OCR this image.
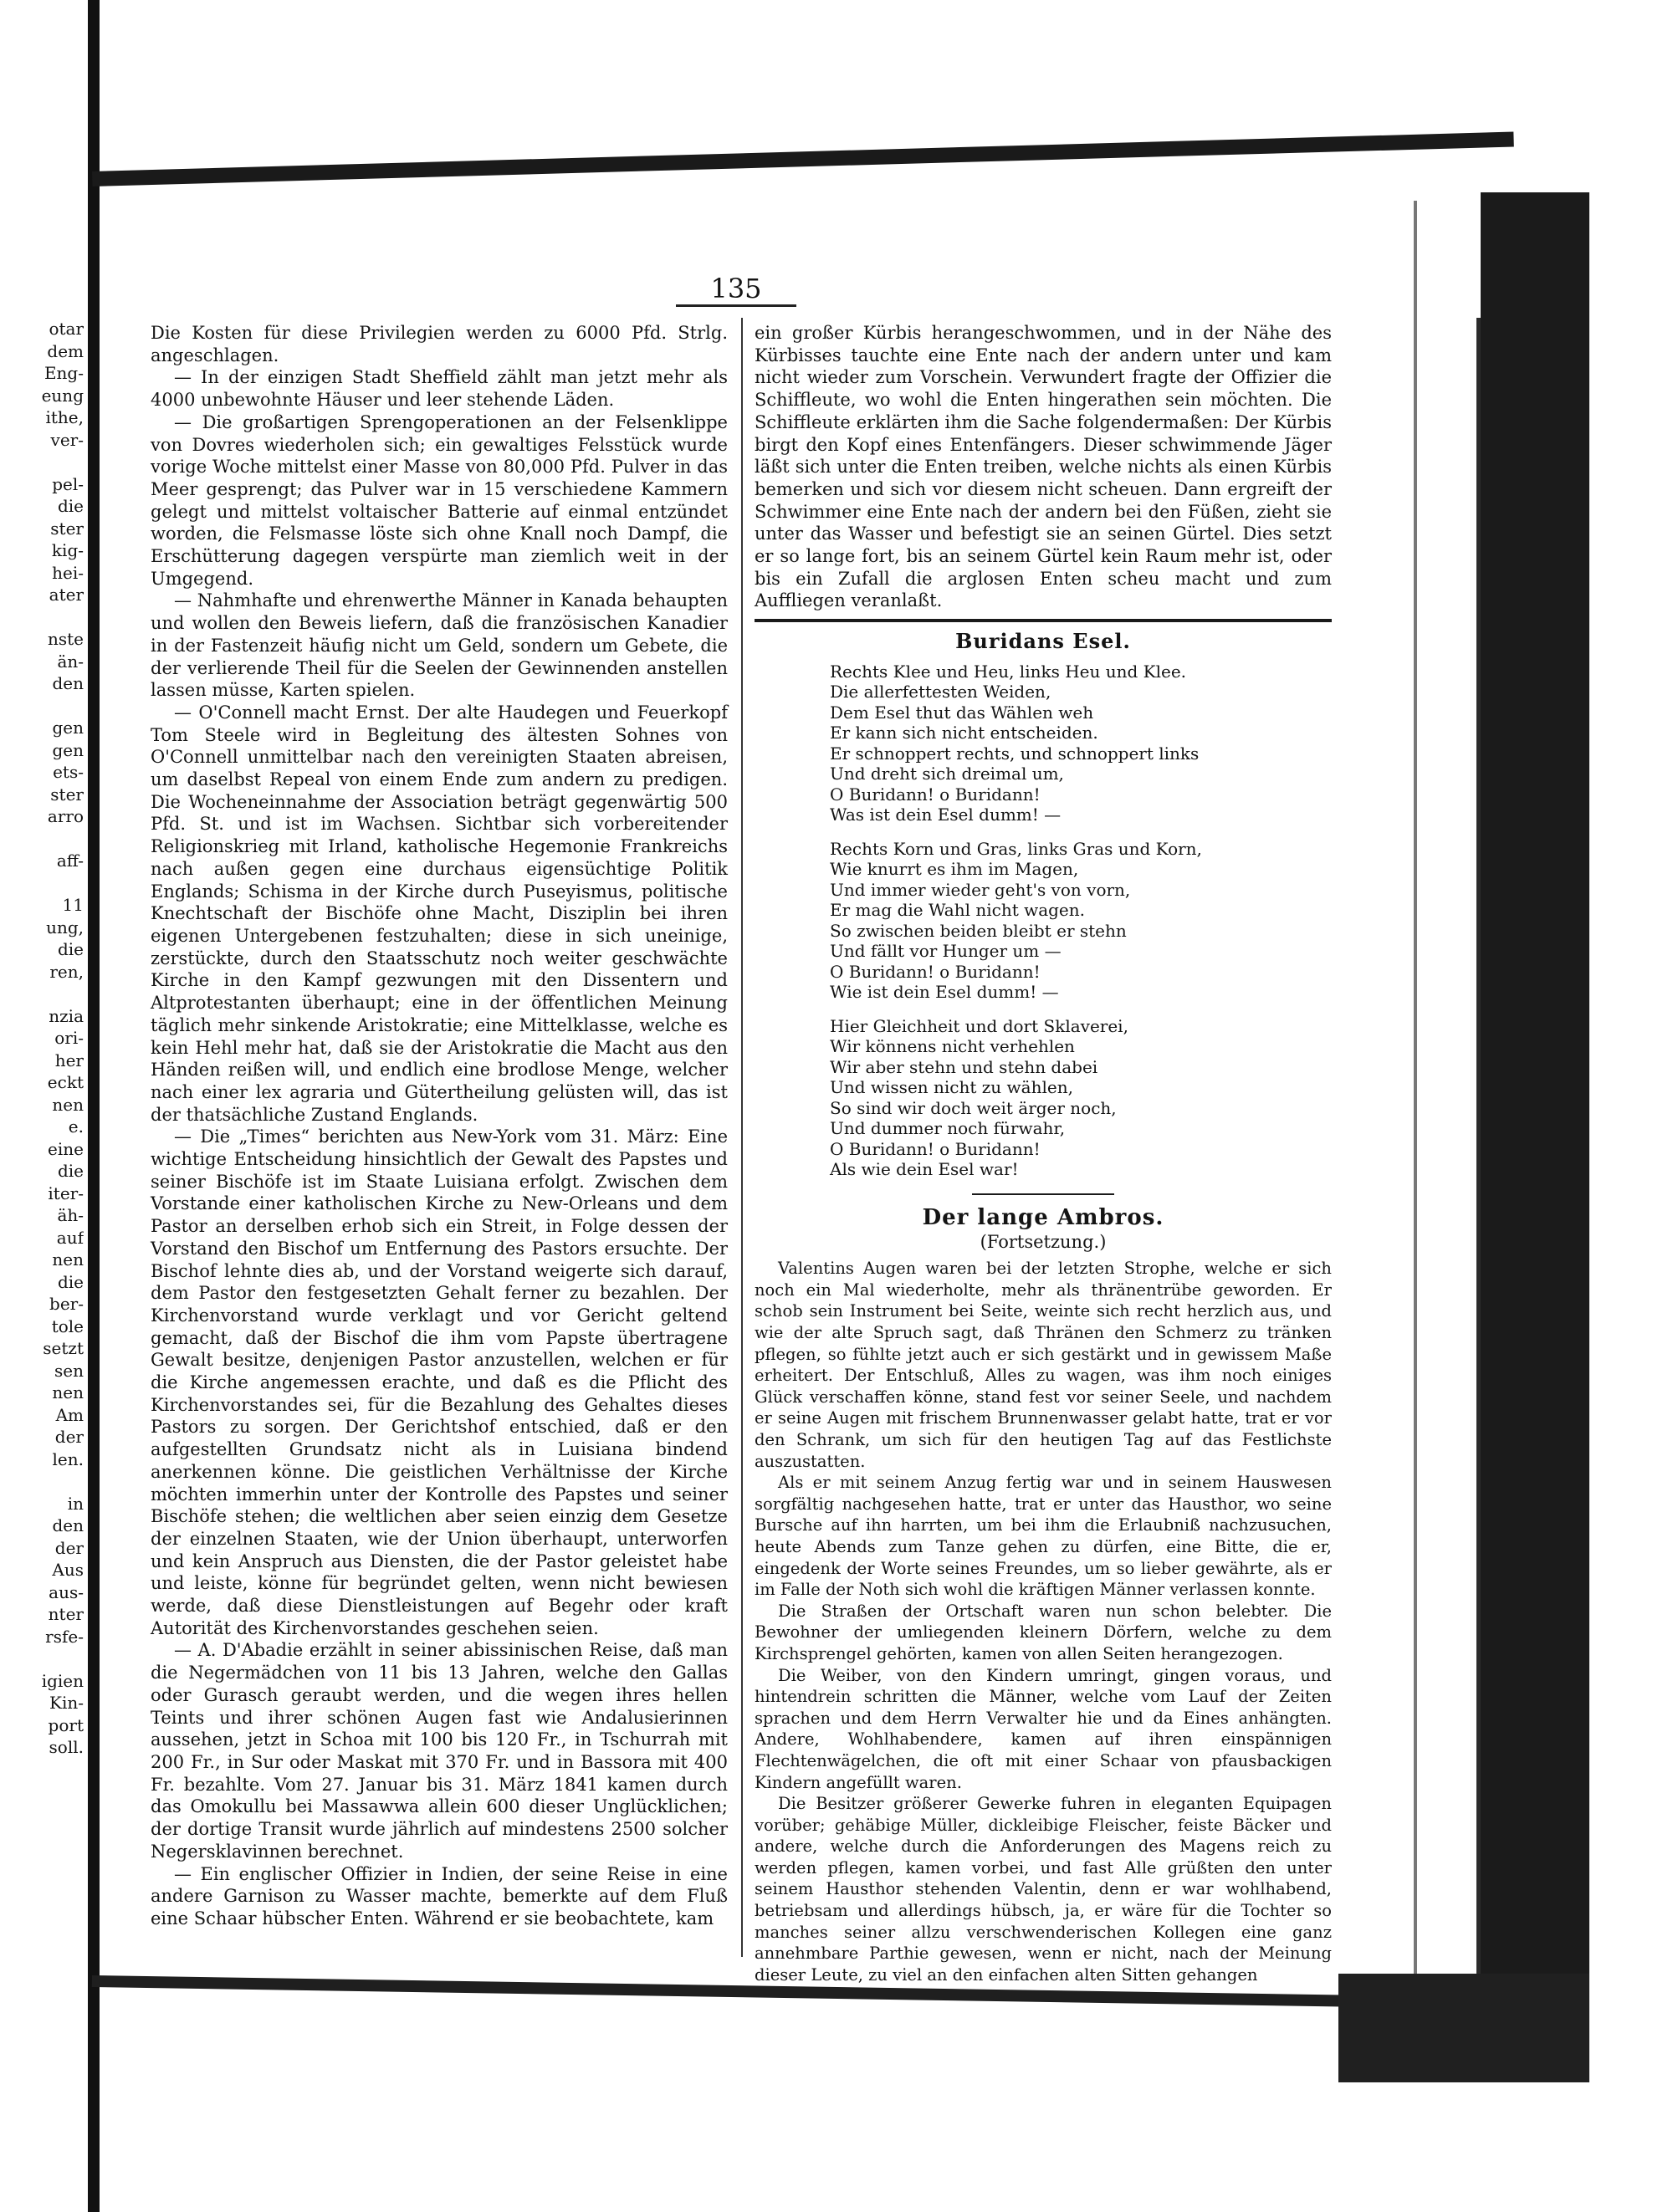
otar
dem
Eng-
eung
ithe,
ver-
pel-
die
ster
kig-
hei-
ater
nste
än-
den
gen
gen
ets-
ster
arro
aff-
11
ung,
die
ren,
nzia
ori-
her
eckt
nen
e.
eine
die
iter-
äh-
auf
nen
die
ber-
tole
setzt
sen
nen
Am
der
len.
in
den
der
Aus
aus-
nter
rsfe-
igien
Kin-
port
soll.
135

Die Kosten für diese Privilegien werden zu 6000 Pfd. Strlg. angeschlagen.

— In der einzigen Stadt Sheffield zählt man jetzt mehr als 4000 unbewohnte Häuser und leer stehende Läden.

— Die großartigen Sprengoperationen an der Felsenklippe von Dovres wiederholen sich; ein gewaltiges Felsstück wurde vorige Woche mittelst einer Masse von 80,000 Pfd. Pulver in das Meer gesprengt; das Pulver war in 15 verschiedene Kammern gelegt und mittelst voltaischer Batterie auf einmal entzündet worden, die Felsmasse löste sich ohne Knall noch Dampf, die Erschütterung dagegen verspürte man ziemlich weit in der Umgegend.

— Nahmhafte und ehrenwerthe Männer in Kanada behaupten und wollen den Beweis liefern, daß die französischen Kanadier in der Fastenzeit häufig nicht um Geld, sondern um Gebete, die der verlierende Theil für die Seelen der Gewinnenden anstellen lassen müsse, Karten spielen.

— O'Connell macht Ernst. Der alte Haudegen und Feuerkopf Tom Steele wird in Begleitung des ältesten Sohnes von O'Connell unmittelbar nach den vereinigten Staaten abreisen, um daselbst Repeal von einem Ende zum andern zu predigen. Die Wocheneinnahme der Association beträgt gegenwärtig 500 Pfd. St. und ist im Wachsen. Sichtbar sich vorbereitender Religionskrieg mit Irland, katholische Hegemonie Frankreichs nach außen gegen eine durchaus eigensüchtige Politik Englands; Schisma in der Kirche durch Puseyismus, politische Knechtschaft der Bischöfe ohne Macht, Disziplin bei ihren eigenen Untergebenen festzuhalten; diese in sich uneinige, zerstückte, durch den Staatsschutz noch weiter geschwächte Kirche in den Kampf gezwungen mit den Dissentern und Altprotestanten überhaupt; eine in der öffentlichen Meinung täglich mehr sinkende Aristokratie; eine Mittelklasse, welche es kein Hehl mehr hat, daß sie der Aristokratie die Macht aus den Händen reißen will, und endlich eine brodlose Menge, welcher nach einer lex agraria und Gütertheilung gelüsten will, das ist der thatsächliche Zustand Englands.

— Die „Times“ berichten aus New-York vom 31. März: Eine wichtige Entscheidung hinsichtlich der Gewalt des Papstes und seiner Bischöfe ist im Staate Luisiana erfolgt. Zwischen dem Vorstande einer katholischen Kirche zu New-Orleans und dem Pastor an derselben erhob sich ein Streit, in Folge dessen der Vorstand den Bischof um Entfernung des Pastors ersuchte. Der Bischof lehnte dies ab, und der Vorstand weigerte sich darauf, dem Pastor den festgesetzten Gehalt ferner zu bezahlen. Der Kirchenvorstand wurde verklagt und vor Gericht geltend gemacht, daß der Bischof die ihm vom Papste übertragene Gewalt besitze, denjenigen Pastor anzustellen, welchen er für die Kirche angemessen erachte, und daß es die Pflicht des Kirchenvorstandes sei, für die Bezahlung des Gehaltes dieses Pastors zu sorgen. Der Gerichtshof entschied, daß er den aufgestellten Grundsatz nicht als in Luisiana bindend anerkennen könne. Die geistlichen Verhältnisse der Kirche möchten immerhin unter der Kontrolle des Papstes und seiner Bischöfe stehen; die weltlichen aber seien einzig dem Gesetze der einzelnen Staaten, wie der Union überhaupt, unterworfen und kein Anspruch aus Diensten, die der Pastor geleistet habe und leiste, könne für begründet gelten, wenn nicht bewiesen werde, daß diese Dienstleistungen auf Begehr oder kraft Autorität des Kirchenvorstandes geschehen seien.

— A. D'Abadie erzählt in seiner abissinischen Reise, daß man die Negermädchen von 11 bis 13 Jahren, welche den Gallas oder Gurasch geraubt werden, und die wegen ihres hellen Teints und ihrer schönen Augen fast wie Andalusierinnen aussehen, jetzt in Schoa mit 100 bis 120 Fr., in Tschurrah mit 200 Fr., in Sur oder Maskat mit 370 Fr. und in Bassora mit 400 Fr. bezahlte. Vom 27. Januar bis 31. März 1841 kamen durch das Omokullu bei Massawwa allein 600 dieser Unglücklichen; der dortige Transit wurde jährlich auf mindestens 2500 solcher Negersklavinnen berechnet.

— Ein englischer Offizier in Indien, der seine Reise in eine andere Garnison zu Wasser machte, bemerkte auf dem Fluß eine Schaar hübscher Enten. Während er sie beobachtete, kam

ein großer Kürbis herangeschwommen, und in der Nähe des Kürbisses tauchte eine Ente nach der andern unter und kam nicht wieder zum Vorschein. Verwundert fragte der Offizier die Schiffleute, wo wohl die Enten hingerathen sein möchten. Die Schiffleute erklärten ihm die Sache folgendermaßen: Der Kürbis birgt den Kopf eines Entenfängers. Dieser schwimmende Jäger läßt sich unter die Enten treiben, welche nichts als einen Kürbis bemerken und sich vor diesem nicht scheuen. Dann ergreift der Schwimmer eine Ente nach der andern bei den Füßen, zieht sie unter das Wasser und befestigt sie an seinen Gürtel. Dies setzt er so lange fort, bis an seinem Gürtel kein Raum mehr ist, oder bis ein Zufall die arglosen Enten scheu macht und zum Auffliegen veranlaßt.

Buridans Esel.
Rechts Klee und Heu, links Heu und Klee.
Die allerfettesten Weiden,
Dem Esel thut das Wählen weh
Er kann sich nicht entscheiden.
Er schnoppert rechts, und schnoppert links
Und dreht sich dreimal um,
O Buridann! o Buridann!
Was ist dein Esel dumm! —
Rechts Korn und Gras, links Gras und Korn,
Wie knurrt es ihm im Magen,
Und immer wieder geht's von vorn,
Er mag die Wahl nicht wagen.
So zwischen beiden bleibt er stehn
Und fällt vor Hunger um —
O Buridann! o Buridann!
Wie ist dein Esel dumm! —
Hier Gleichheit und dort Sklaverei,
Wir könnens nicht verhehlen
Wir aber stehn und stehn dabei
Und wissen nicht zu wählen,
So sind wir doch weit ärger noch,
Und dummer noch fürwahr,
O Buridann! o Buridann!
Als wie dein Esel war!
Der lange Ambros.
(Fortsetzung.)

Valentins Augen waren bei der letzten Strophe, welche er sich noch ein Mal wiederholte, mehr als thränentrübe geworden. Er schob sein Instrument bei Seite, weinte sich recht herzlich aus, und wie der alte Spruch sagt, daß Thränen den Schmerz zu tränken pflegen, so fühlte jetzt auch er sich gestärkt und in gewissem Maße erheitert. Der Entschluß, Alles zu wagen, was ihm noch einiges Glück verschaffen könne, stand fest vor seiner Seele, und nachdem er seine Augen mit frischem Brunnenwasser gelabt hatte, trat er vor den Schrank, um sich für den heutigen Tag auf das Festlichste auszustatten.

Als er mit seinem Anzug fertig war und in seinem Hauswesen sorgfältig nachgesehen hatte, trat er unter das Hausthor, wo seine Bursche auf ihn harrten, um bei ihm die Erlaubniß nachzusuchen, heute Abends zum Tanze gehen zu dürfen, eine Bitte, die er, eingedenk der Worte seines Freundes, um so lieber gewährte, als er im Falle der Noth sich wohl die kräftigen Männer verlassen konnte.

Die Straßen der Ortschaft waren nun schon belebter. Die Bewohner der umliegenden kleinern Dörfern, welche zu dem Kirchsprengel gehörten, kamen von allen Seiten herangezogen.

Die Weiber, von den Kindern umringt, gingen voraus, und hintendrein schritten die Männer, welche vom Lauf der Zeiten sprachen und dem Herrn Verwalter hie und da Eines anhängten. Andere, Wohlhabendere, kamen auf ihren einspännigen Flechtenwägelchen, die oft mit einer Schaar von pfausbackigen Kindern angefüllt waren.

Die Besitzer größerer Gewerke fuhren in eleganten Equipagen vorüber; gehäbige Müller, dickleibige Fleischer, feiste Bäcker und andere, welche durch die Anforderungen des Magens reich zu werden pflegen, kamen vorbei, und fast Alle grüßten den unter seinem Hausthor stehenden Valentin, denn er war wohlhabend, betriebsam und allerdings hübsch, ja, er wäre für die Tochter so manches seiner allzu verschwenderischen Kollegen eine ganz annehmbare Parthie gewesen, wenn er nicht, nach der Meinung dieser Leute, zu viel an den einfachen alten Sitten gehangen
